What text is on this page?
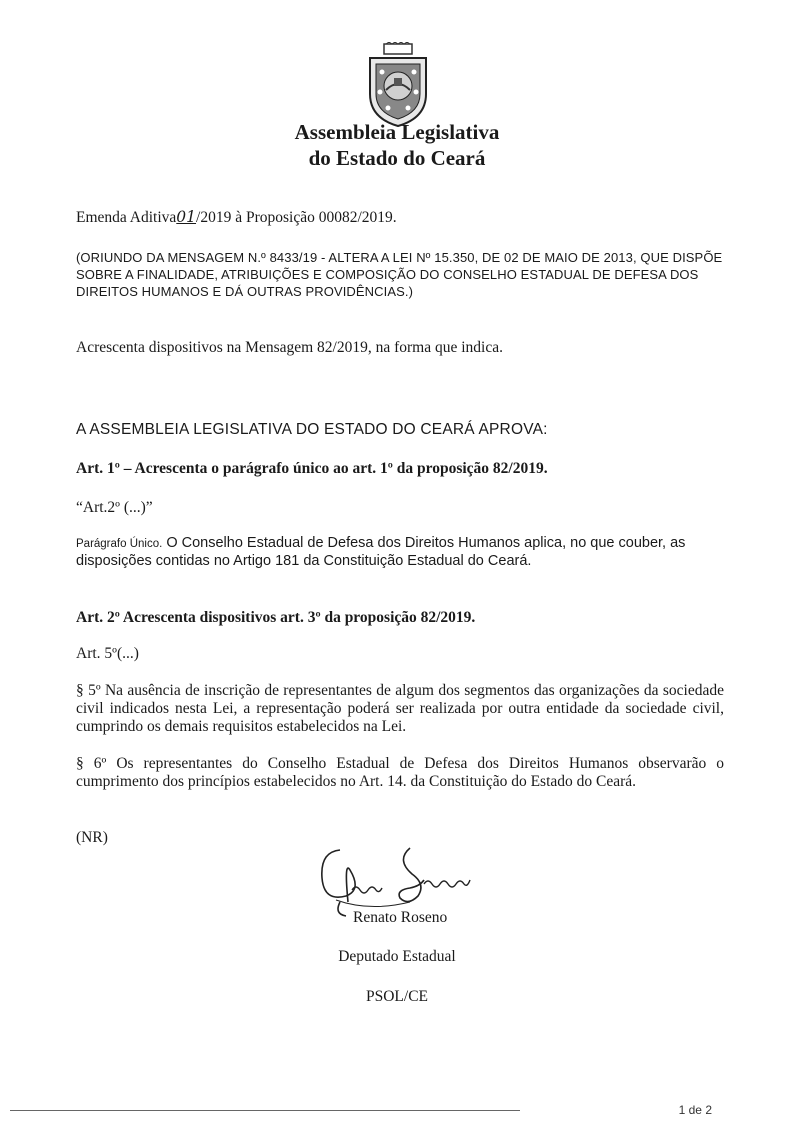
Assembleia Legislativa
do Estado do Ceará
Emenda Aditiva01/2019 à Proposição 00082/2019.
(ORIUNDO DA MENSAGEM N.º 8433/19 - ALTERA A LEI Nº 15.350, DE 02 DE MAIO DE 2013, QUE DISPÕE
SOBRE A FINALIDADE, ATRIBUIÇÕES E COMPOSIÇÃO DO CONSELHO ESTADUAL DE DEFESA DOS
DIREITOS HUMANOS E DÁ OUTRAS PROVIDÊNCIAS.)
Acrescenta dispositivos na Mensagem 82/2019, na forma que indica.
A ASSEMBLEIA LEGISLATIVA DO ESTADO DO CEARÁ APROVA:
Art. 1º – Acrescenta o parágrafo único ao art. 1º da proposição 82/2019.
“Art.2º (...)”
Parágrafo Único. O Conselho Estadual de Defesa dos Direitos Humanos aplica, no que couber, as
disposições contidas no Artigo 181 da Constituição Estadual do Ceará.
Art. 2º Acrescenta dispositivos art. 3º da proposição 82/2019.
Art. 5º(...)
§ 5º Na ausência de inscrição de representantes de algum dos segmentos das organizações da sociedade civil indicados nesta Lei, a representação poderá ser realizada por outra entidade da sociedade civil, cumprindo os demais requisitos estabelecidos na Lei.
§ 6º Os representantes do Conselho Estadual de Defesa dos Direitos Humanos observarão o cumprimento dos princípios estabelecidos no Art. 14. da Constituição do Estado do Ceará.
(NR)
Renato Roseno
Deputado Estadual
PSOL/CE
1 de 2
